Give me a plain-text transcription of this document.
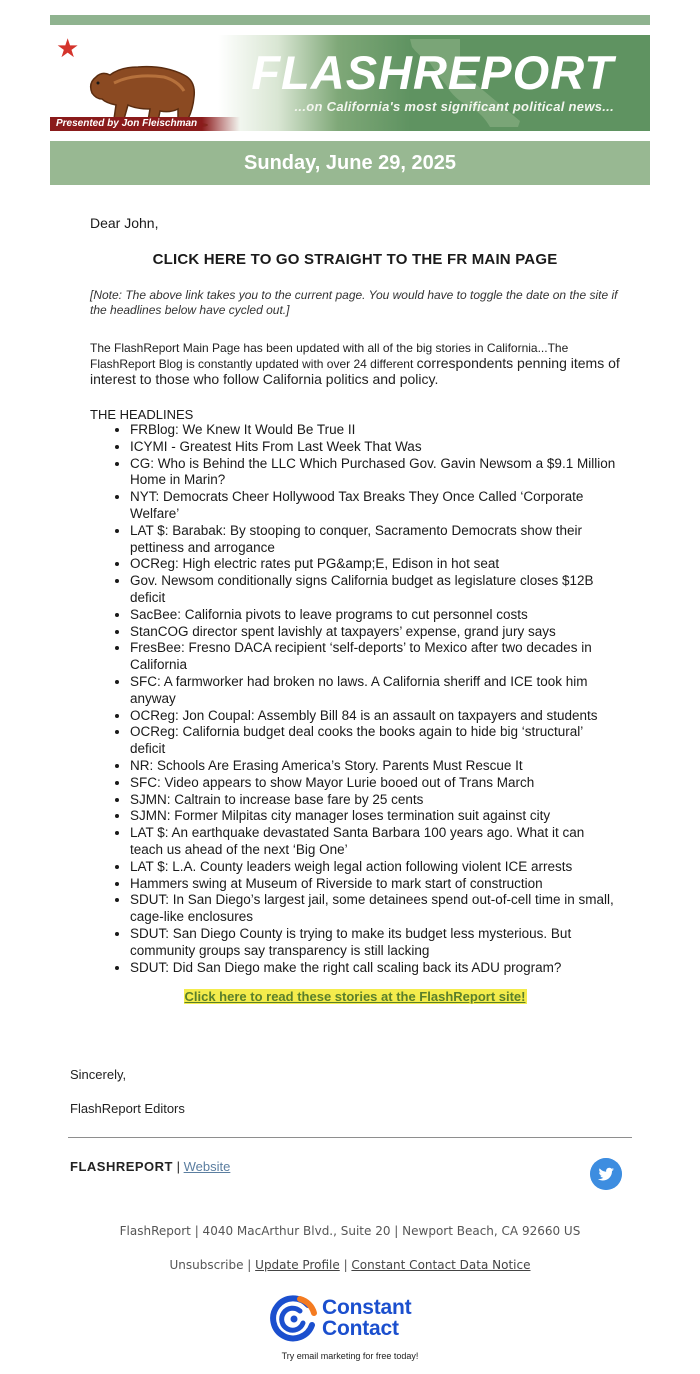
★	FLASHREPORT
...on California's most significant political news...
Presented by Jon Fleischman
Sunday, June 29, 2025

Dear John,

CLICK HERE TO GO STRAIGHT TO THE FR MAIN PAGE

[Note: The above link takes you to the current page. You would have to toggle the date on the site if the headlines below have cycled out.]

The FlashReport Main Page has been updated with all of the big stories in California...The FlashReport Blog is constantly updated with over 24 different correspondents penning items of interest to those who follow California politics and policy.

THE HEADLINES

• FRBlog: We Knew It Would Be True II
• ICYMI - Greatest Hits From Last Week That Was
• CG: Who is Behind the LLC Which Purchased Gov. Gavin Newsom a $9.1 Million Home in Marin?
• NYT: Democrats Cheer Hollywood Tax Breaks They Once Called ‘Corporate Welfare’
• LAT $: Barabak: By stooping to conquer, Sacramento Democrats show their pettiness and arrogance
• OCReg: High electric rates put PG&amp;E, Edison in hot seat
• Gov. Newsom conditionally signs California budget as legislature closes $12B deficit
• SacBee: California pivots to leave programs to cut personnel costs
• StanCOG director spent lavishly at taxpayers’ expense, grand jury says
• FresBee: Fresno DACA recipient ‘self-deports’ to Mexico after two decades in California
• SFC: A farmworker had broken no laws. A California sheriff and ICE took him anyway
• OCReg: Jon Coupal: Assembly Bill 84 is an assault on taxpayers and students
• OCReg: California budget deal cooks the books again to hide big ‘structural’ deficit
• NR: Schools Are Erasing America’s Story. Parents Must Rescue It
• SFC: Video appears to show Mayor Lurie booed out of Trans March
• SJMN: Caltrain to increase base fare by 25 cents
• SJMN: Former Milpitas city manager loses termination suit against city
• LAT $: An earthquake devastated Santa Barbara 100 years ago. What it can teach us ahead of the next ‘Big One’
• LAT $: L.A. County leaders weigh legal action following violent ICE arrests
• Hammers swing at Museum of Riverside to mark start of construction
• SDUT: In San Diego’s largest jail, some detainees spend out-of-cell time in small, cage-like enclosures
• SDUT: San Diego County is trying to make its budget less mysterious. But community groups say transparency is still lacking
• SDUT: Did San Diego make the right call scaling back its ADU program?
Click here to read these stories at the FlashReport site!
Sincerely,
FlashReport Editors
FLASHREPORT | Website
FlashReport | 4040 MacArthur Blvd., Suite 20 | Newport Beach, CA 92660 US
Unsubscribe | Update Profile | Constant Contact Data Notice
Constant
Contact
Try email marketing for free today!
